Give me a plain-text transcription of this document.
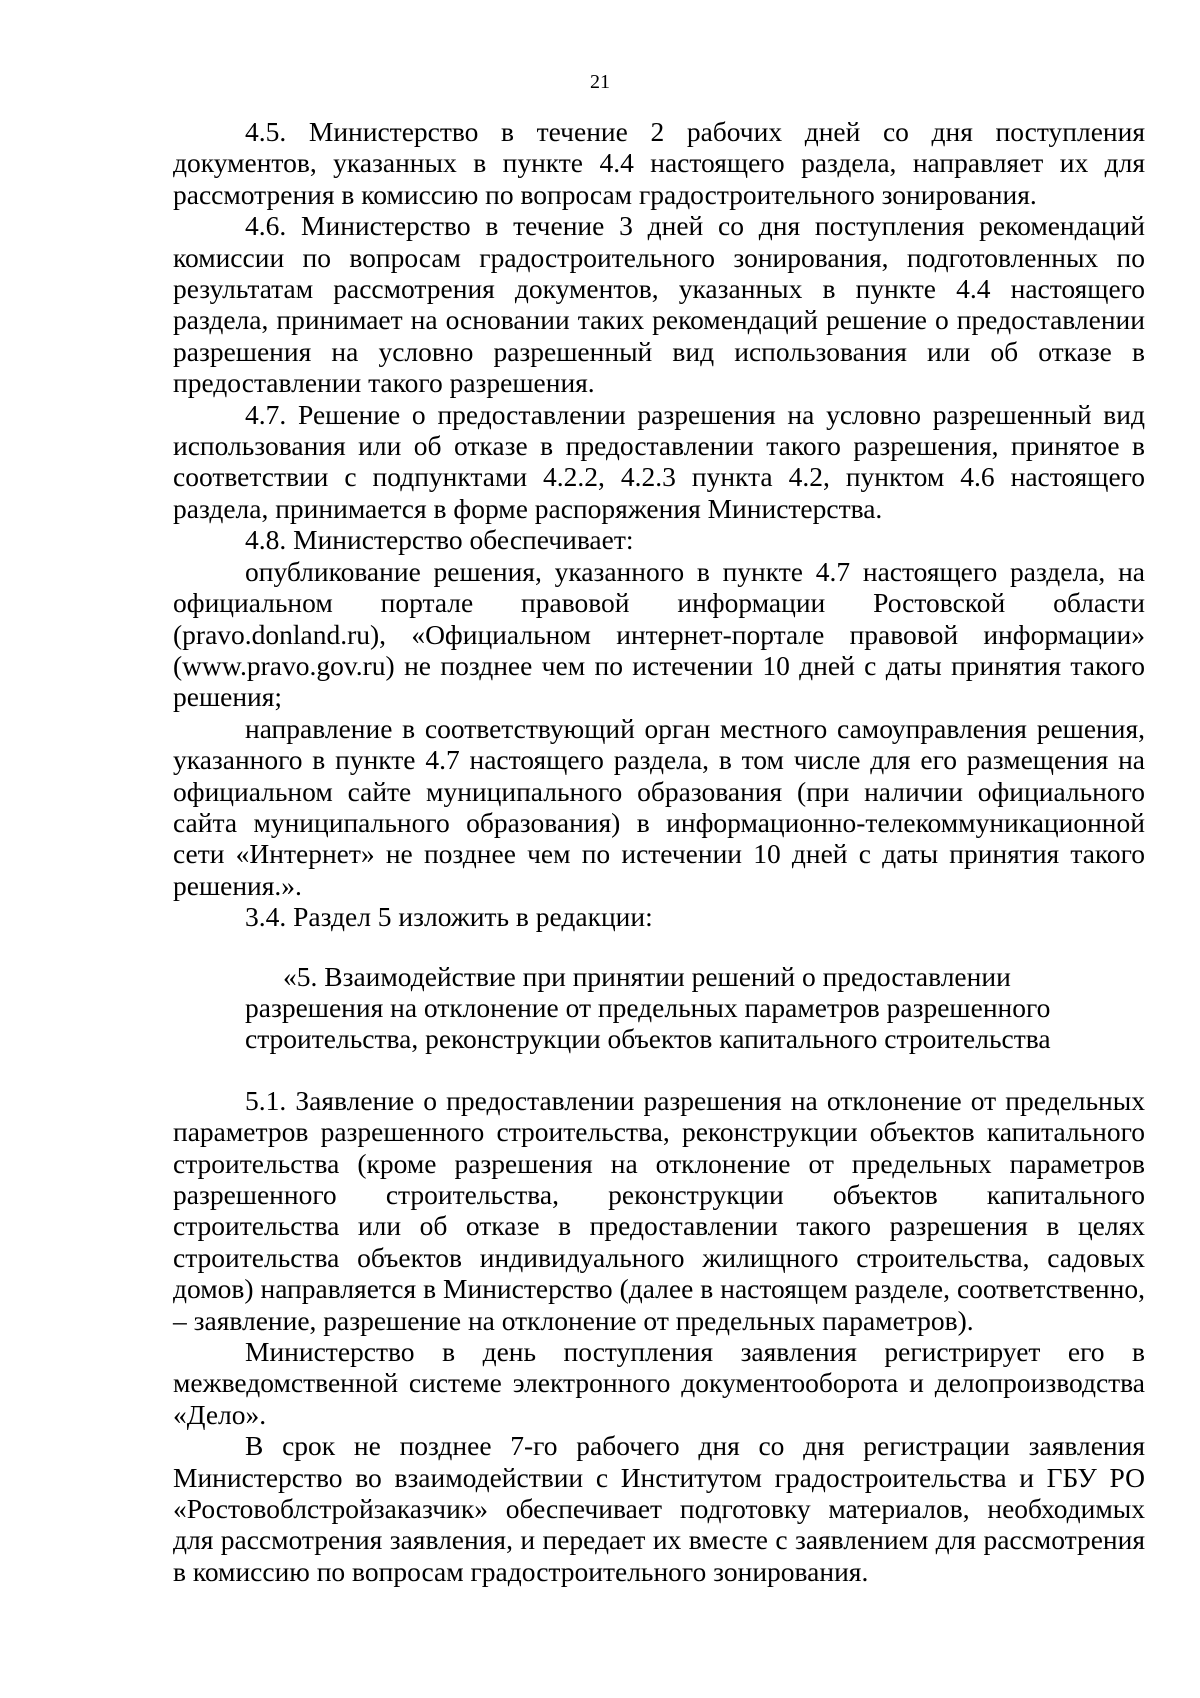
21

4.5. Министерство в течение 2 рабочих дней со дня поступления документов, указанных в пункте 4.4 настоящего раздела, направляет их для рассмотрения в комиссию по вопросам градостроительного зонирования.

4.6. Министерство в течение 3 дней со дня поступления рекомендаций комиссии по вопросам градостроительного зонирования, подготовленных по результатам рассмотрения документов, указанных в пункте 4.4 настоящего раздела, принимает на основании таких рекомендаций решение о предоставлении разрешения на условно разрешенный вид использования или об отказе в предоставлении такого разрешения.

4.7. Решение о предоставлении разрешения на условно разрешенный вид использования или об отказе в предоставлении такого разрешения, принятое в соответствии с подпунктами 4.2.2, 4.2.3 пункта 4.2, пунктом 4.6 настоящего раздела, принимается в форме распоряжения Министерства.

4.8. Министерство обеспечивает:

опубликование решения, указанного в пункте 4.7 настоящего раздела, на официальном портале правовой информации Ростовской области (pravo.donland.ru), «Официальном интернет-портале правовой информации» (www.pravo.gov.ru) не позднее чем по истечении 10 дней с даты принятия такого решения;

направление в соответствующий орган местного самоуправления решения, указанного в пункте 4.7 настоящего раздела, в том числе для его размещения на официальном сайте муниципального образования (при наличии официального сайта муниципального образования) в информационно-телекоммуникационной сети «Интернет» не позднее чем по истечении 10 дней с даты принятия такого решения.».

3.4. Раздел 5 изложить в редакции:

«5. Взаимодействие при принятии решений о предоставлении
разрешения на отклонение от предельных параметров разрешенного
строительства, реконструкции объектов капитального строительства

5.1. Заявление о предоставлении разрешения на отклонение от предельных параметров разрешенного строительства, реконструкции объектов капитального строительства (кроме разрешения на отклонение от предельных параметров разрешенного строительства, реконструкции объектов капитального строительства или об отказе в предоставлении такого разрешения в целях строительства объектов индивидуального жилищного строительства, садовых домов) направляется в Министерство (далее в настоящем разделе, соответственно, – заявление, разрешение на отклонение от предельных параметров).

Министерство в день поступления заявления регистрирует его в межведомственной системе электронного документооборота и делопроизводства «Дело».

В срок не позднее 7-го рабочего дня со дня регистрации заявления Министерство во взаимодействии с Институтом градостроительства и ГБУ РО «Ростовоблстройзаказчик» обеспечивает подготовку материалов, необходимых для рассмотрения заявления, и передает их вместе с заявлением для рассмотрения в комиссию по вопросам градостроительного зонирования.
